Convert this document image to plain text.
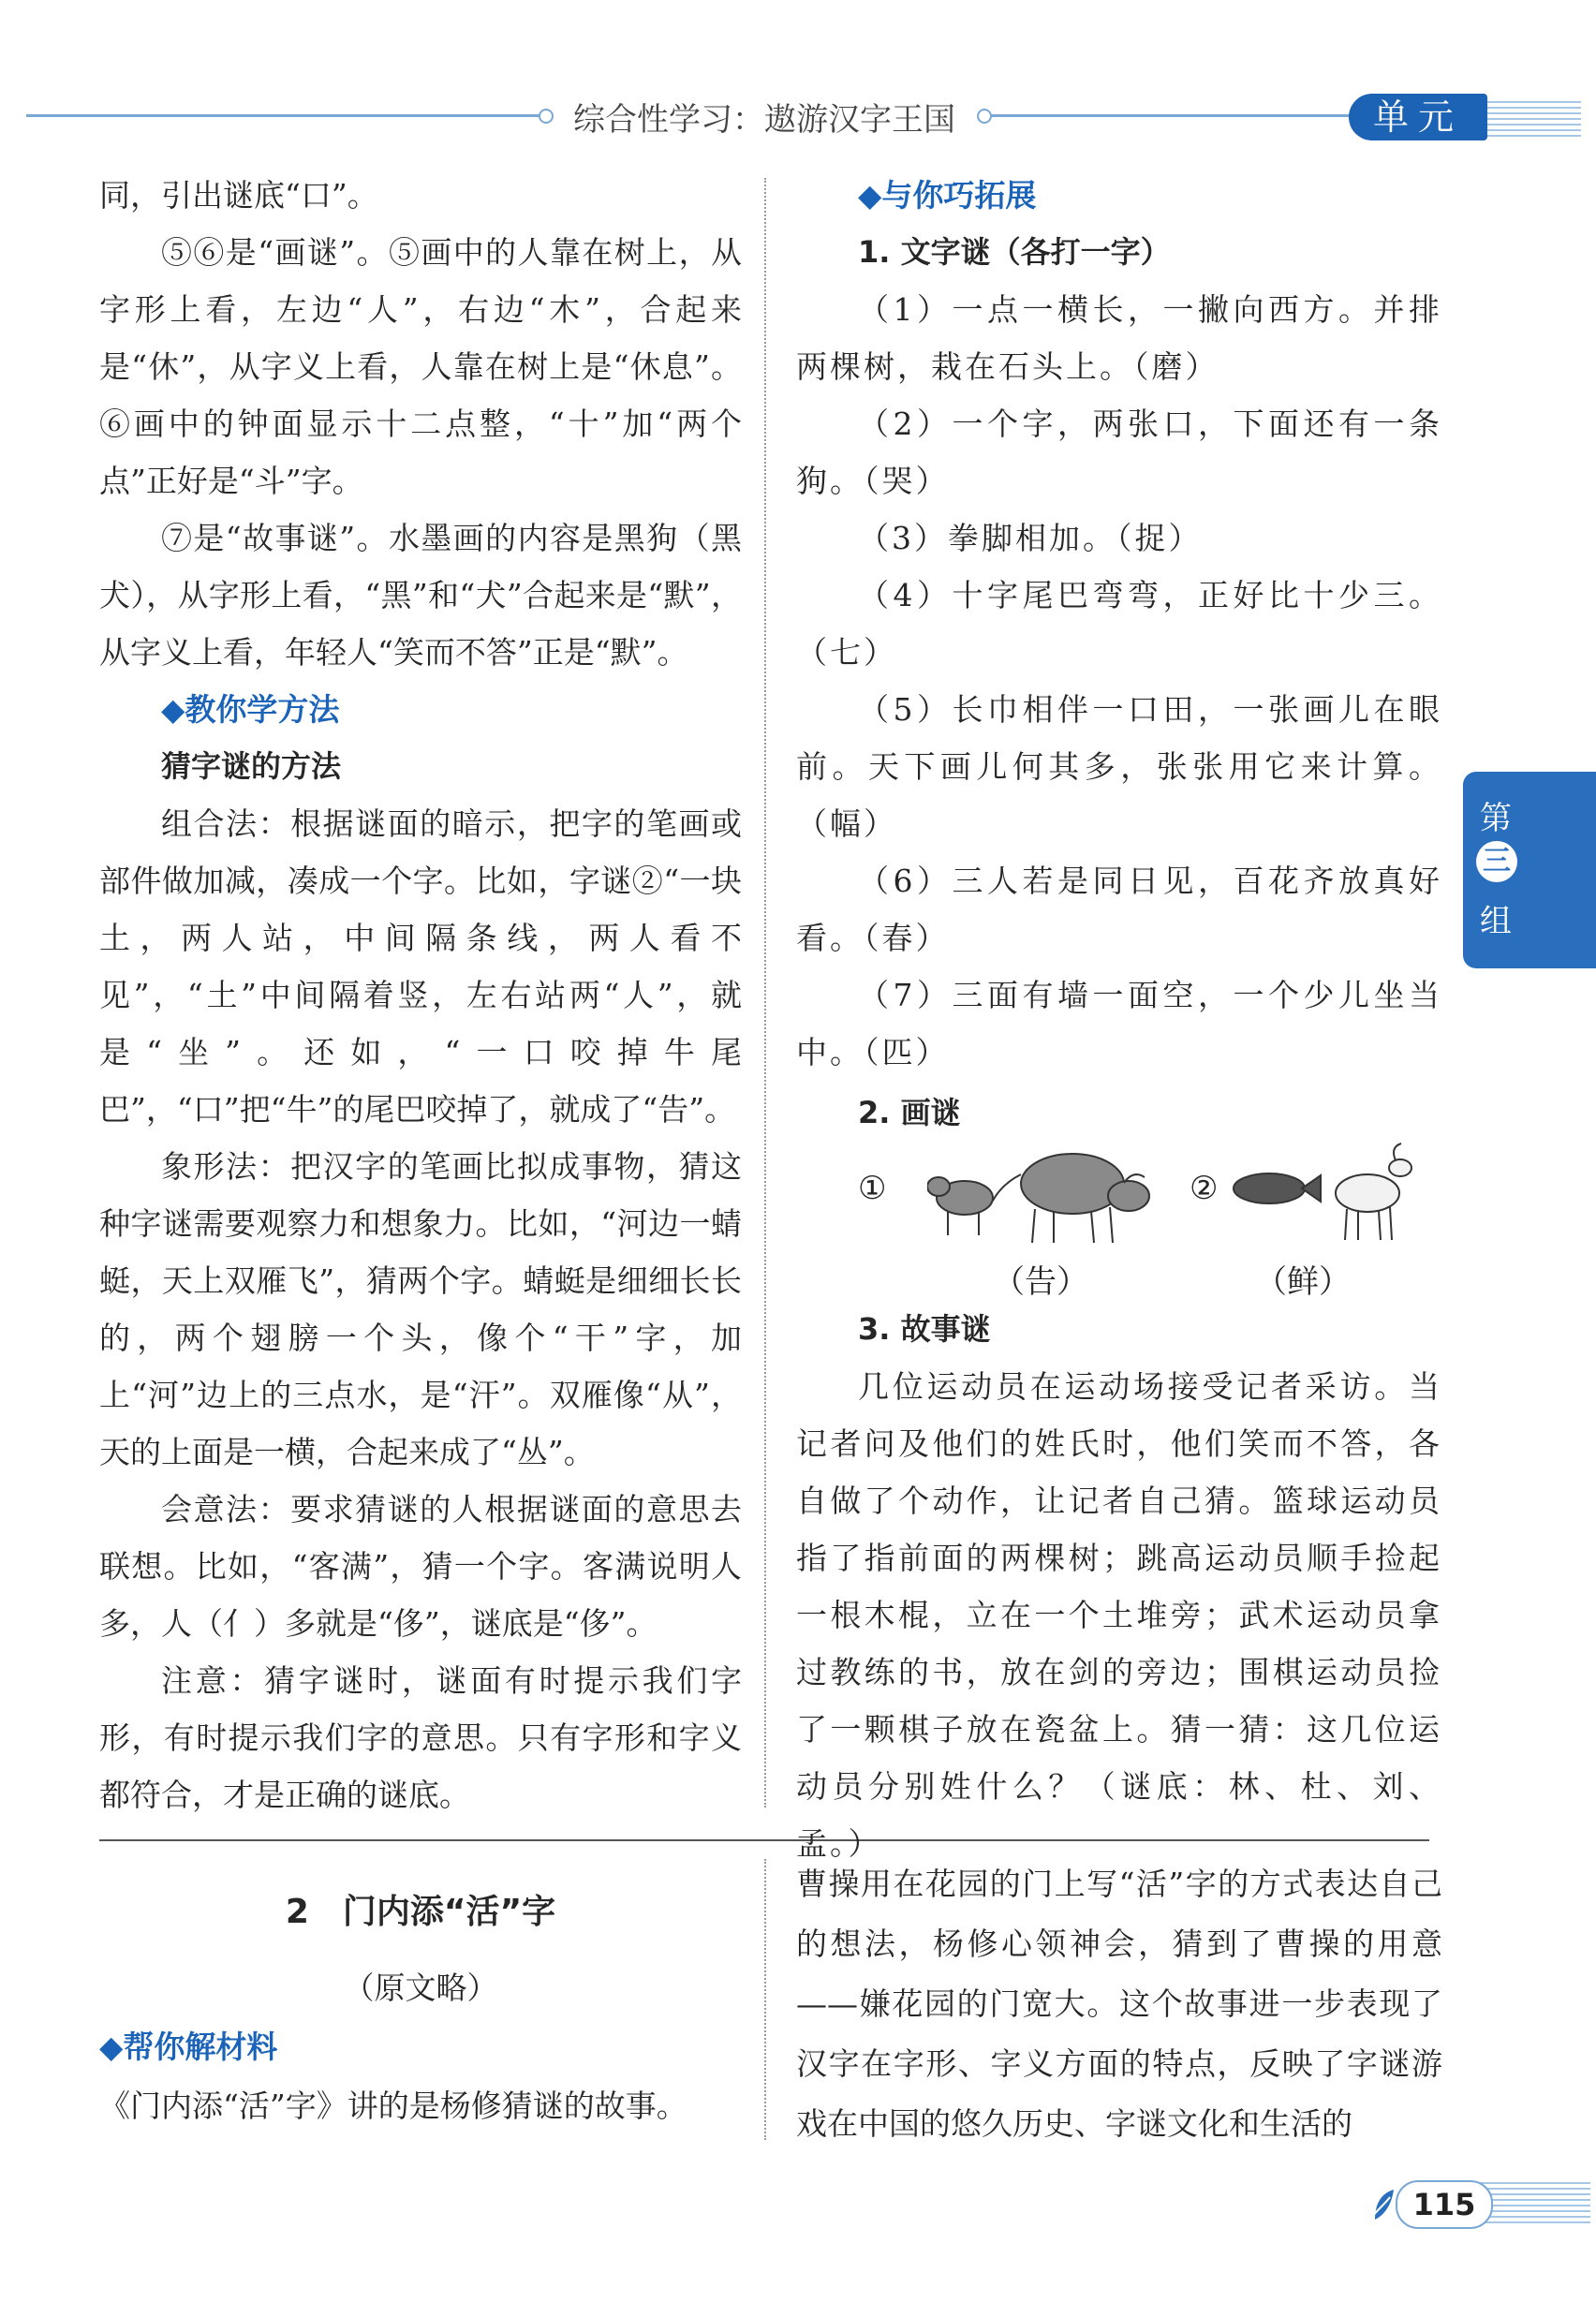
综合性学习：遨游汉字王国	单元
第
三
组

同，引出谜底“口”。

⑤⑥是“画谜”。⑤画中的人靠在树上，从字形上看，左边“人”，右边“木”，合起来是“休”，从字义上看，人靠在树上是“休息”。⑥画中的钟面显示十二点整，“十”加“两个点”正好是“斗”字。

⑦是“故事谜”。水墨画的内容是黑狗（黑犬），从字形上看，“黑”和“犬”合起来是“默”，从字义上看，年轻人“笑而不答”正是“默”。

◆教你学方法

猜字谜的方法

组合法：根据谜面的暗示，把字的笔画或部件做加减，凑成一个字。比如，字谜②“一块土，两人站，中间隔条线，两人看不见”，“土”中间隔着竖，左右站两“人”，就是“坐”。还如，“一口咬掉牛尾巴”，“口”把“牛”的尾巴咬掉了，就成了“告”。

象形法：把汉字的笔画比拟成事物，猜这种字谜需要观察力和想象力。比如，“河边一蜻蜓，天上双雁飞”，猜两个字。蜻蜓是细细长长的，两个翅膀一个头，像个“干”字，加上“河”边上的三点水，是“汗”。双雁像“从”，天的上面是一横，合起来成了“丛”。

会意法：要求猜谜的人根据谜面的意思去联想。比如，“客满”，猜一个字。客满说明人多，人（亻）多就是“侈”，谜底是“侈”。

注意：猜字谜时，谜面有时提示我们字形，有时提示我们字的意思。只有字形和字义都符合，才是正确的谜底。

◆与你巧拓展

1. 文字谜（各打一字）

（1）一点一横长，一撇向西方。并排两棵树，栽在石头上。（磨）

（2）一个字，两张口，下面还有一条狗。（哭）

（3）拳脚相加。（捉）

（4）十字尾巴弯弯，正好比十少三。（七）

（5）长巾相伴一口田，一张画儿在眼前。天下画儿何其多，张张用它来计算。（幅）

（6）三人若是同日见，百花齐放真好看。（春）

（7）三面有墙一面空，一个少儿坐当中。（匹）

2. 画谜

①	②
（告）	（鲜）

3. 故事谜

几位运动员在运动场接受记者采访。当记者问及他们的姓氏时，他们笑而不答，各自做了个动作，让记者自己猜。篮球运动员指了指前面的两棵树；跳高运动员顺手捡起一根木棍，立在一个土堆旁；武术运动员拿过教练的书，放在剑的旁边；围棋运动员捡了一颗棋子放在瓷盆上。猜一猜：这几位运动员分别姓什么？（谜底：林、杜、刘、孟。）

2　门内添“活”字

（原文略）

◆帮你解材料

《门内添“活”字》讲的是杨修猜谜的故事。

曹操用在花园的门上写“活”字的方式表达自己的想法，杨修心领神会，猜到了曹操的用意——嫌花园的门宽大。这个故事进一步表现了汉字在字形、字义方面的特点，反映了字谜游戏在中国的悠久历史、字谜文化和生活的

115
